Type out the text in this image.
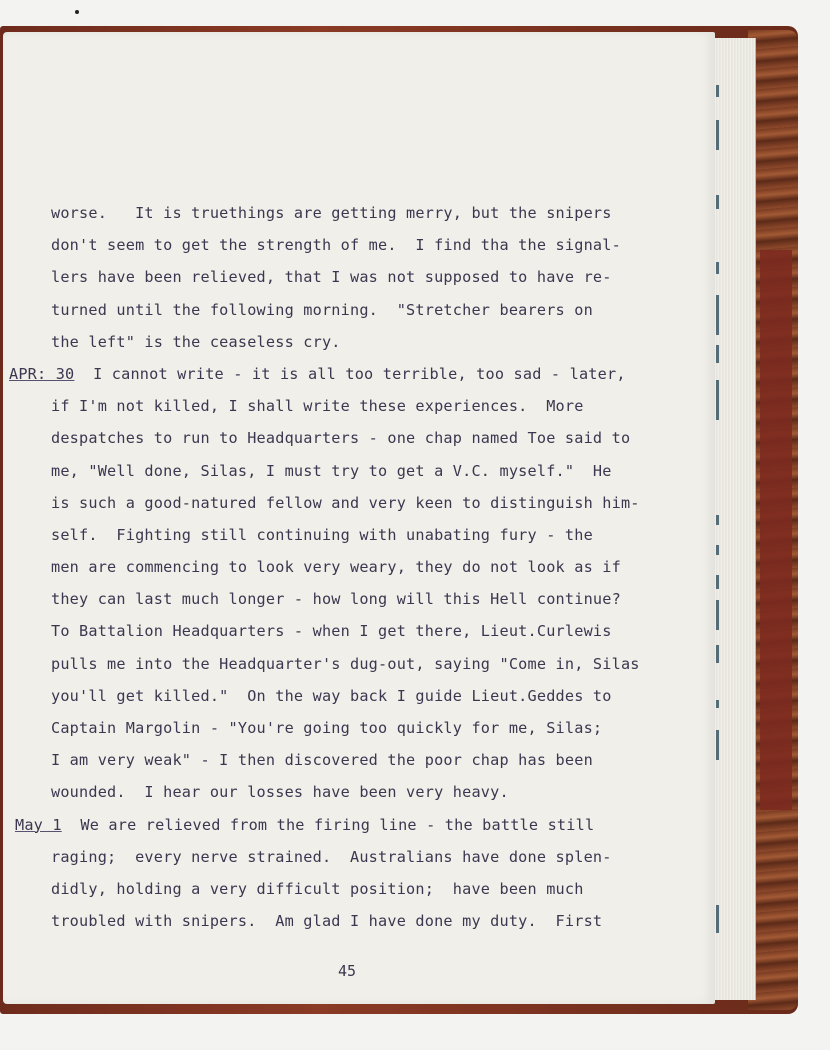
worse.   It is truethings are getting merry, but the snipers
don't seem to get the strength of me.  I find tha the signal-
lers have been relieved, that I was not supposed to have re-
turned until the following morning.  "Stretcher bearers on
the left" is the ceaseless cry.
APR: 30  I cannot write - it is all too terrible, too sad - later,
if I'm not killed, I shall write these experiences.  More
despatches to run to Headquarters - one chap named Toe said to
me, "Well done, Silas, I must try to get a V.C. myself."  He
is such a good-natured fellow and very keen to distinguish him-
self.  Fighting still continuing with unabating fury - the
men are commencing to look very weary, they do not look as if
they can last much longer - how long will this Hell continue?
To Battalion Headquarters - when I get there, Lieut.Curlewis
pulls me into the Headquarter's dug-out, saying "Come in, Silas
you'll get killed."  On the way back I guide Lieut.Geddes to
Captain Margolin - "You're going too quickly for me, Silas;
I am very weak" - I then discovered the poor chap has been
wounded.  I hear our losses have been very heavy.
May 1  We are relieved from the firing line - the battle still
raging;  every nerve strained.  Australians have done splen-
didly, holding a very difficult position;  have been much
troubled with snipers.  Am glad I have done my duty.  First
45
